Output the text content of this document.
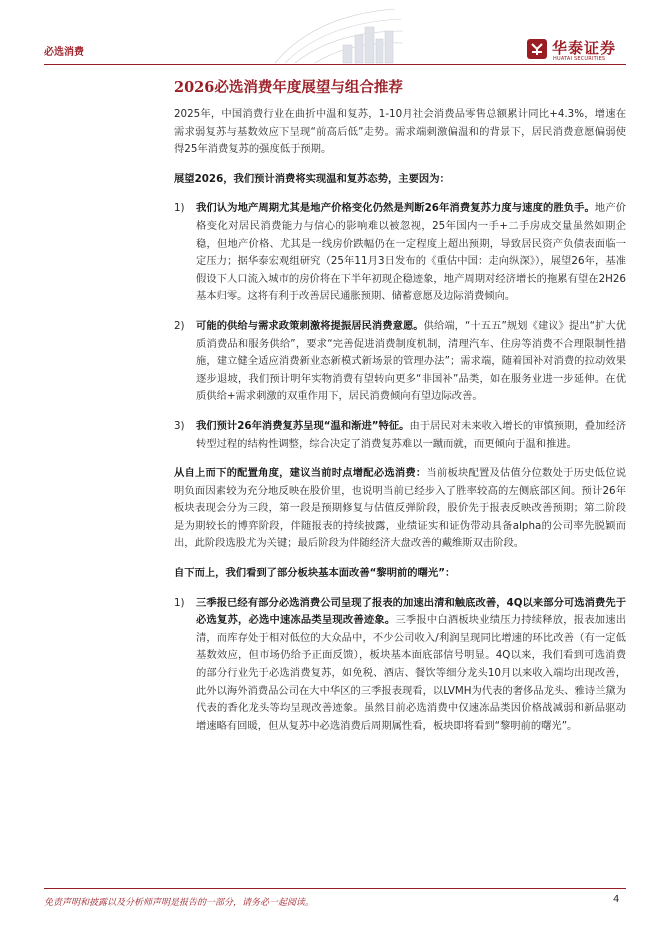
必选消费	华泰证券
HUATAI SECURITIES
2026必选消费年度展望与组合推荐

2025年，中国消费行业在曲折中温和复苏，1-10月社会消费品零售总额累计同比+4.3%，增速在需求弱复苏与基数效应下呈现“前高后低”走势。需求端刺激偏温和的背景下，居民消费意愿偏弱使得25年消费复苏的强度低于预期。

展望2026，我们预计消费将实现温和复苏态势，主要因为：

1) 我们认为地产周期尤其是地产价格变化仍然是判断26年消费复苏力度与速度的胜负手。地产价格变化对居民消费能力与信心的影响难以被忽视，25年国内一手+二手房成交量虽然如期企稳，但地产价格、尤其是一线房价跌幅仍在一定程度上超出预期，导致居民资产负债表面临一定压力；据华泰宏观组研究（25年11月3日发布的《重估中国：走向纵深》），展望26年，基准假设下人口流入城市的房价将在下半年初现企稳迹象，地产周期对经济增长的拖累有望在2H26基本归零。这将有利于改善居民通胀预期、储蓄意愿及边际消费倾向。

2) 可能的供给与需求政策刺激将提振居民消费意愿。供给端，“十五五”规划《建议》提出“扩大优质消费品和服务供给”，要求“完善促进消费制度机制，清理汽车、住房等消费不合理限制性措施，建立健全适应消费新业态新模式新场景的管理办法”；需求端，随着国补对消费的拉动效果逐步退坡，我们预计明年实物消费有望转向更多“非国补”品类，如在服务业进一步延伸。在优质供给+需求刺激的双重作用下，居民消费倾向有望边际改善。

3) 我们预计26年消费复苏呈现“温和渐进”特征。由于居民对未来收入增长的审慎预期，叠加经济转型过程的结构性调整，综合决定了消费复苏难以一蹴而就，而更倾向于温和推进。

从自上而下的配置角度，建议当前时点增配必选消费：当前板块配置及估值分位数处于历史低位说明负面因素较为充分地反映在股价里，也说明当前已经步入了胜率较高的左侧底部区间。预计26年板块表现会分为三段，第一段是预期修复与估值反弹阶段，股价先于报表反映改善预期；第二阶段是为期较长的博弈阶段，伴随报表的持续披露，业绩证实和证伪带动具备alpha的公司率先脱颖而出，此阶段选股尤为关键；最后阶段为伴随经济大盘改善的戴维斯双击阶段。

自下而上，我们看到了部分板块基本面改善“黎明前的曙光”：

1) 三季报已经有部分必选消费公司呈现了报表的加速出清和触底改善，4Q以来部分可选消费先于必选复苏，必选中速冻品类呈现改善迹象。三季报中白酒板块业绩压力持续释放，报表加速出清，而库存处于相对低位的大众品中，不少公司收入/利润呈现同比增速的环比改善（有一定低基数效应，但市场仍给予正面反馈），板块基本面底部信号明显。4Q以来，我们看到可选消费的部分行业先于必选消费复苏，如免税、酒店、餐饮等细分龙头10月以来收入端均出现改善，此外以海外消费品公司在大中华区的三季报表现看，以LVMH为代表的奢侈品龙头、雅诗兰黛为代表的香化龙头等均呈现改善迹象。虽然目前必选消费中仅速冻品类因价格战减弱和新品驱动增速略有回暖，但从复苏中必选消费后周期属性看，板块即将看到“黎明前的曙光”。

免责声明和披露以及分析师声明是报告的一部分，请务必一起阅读。	4
